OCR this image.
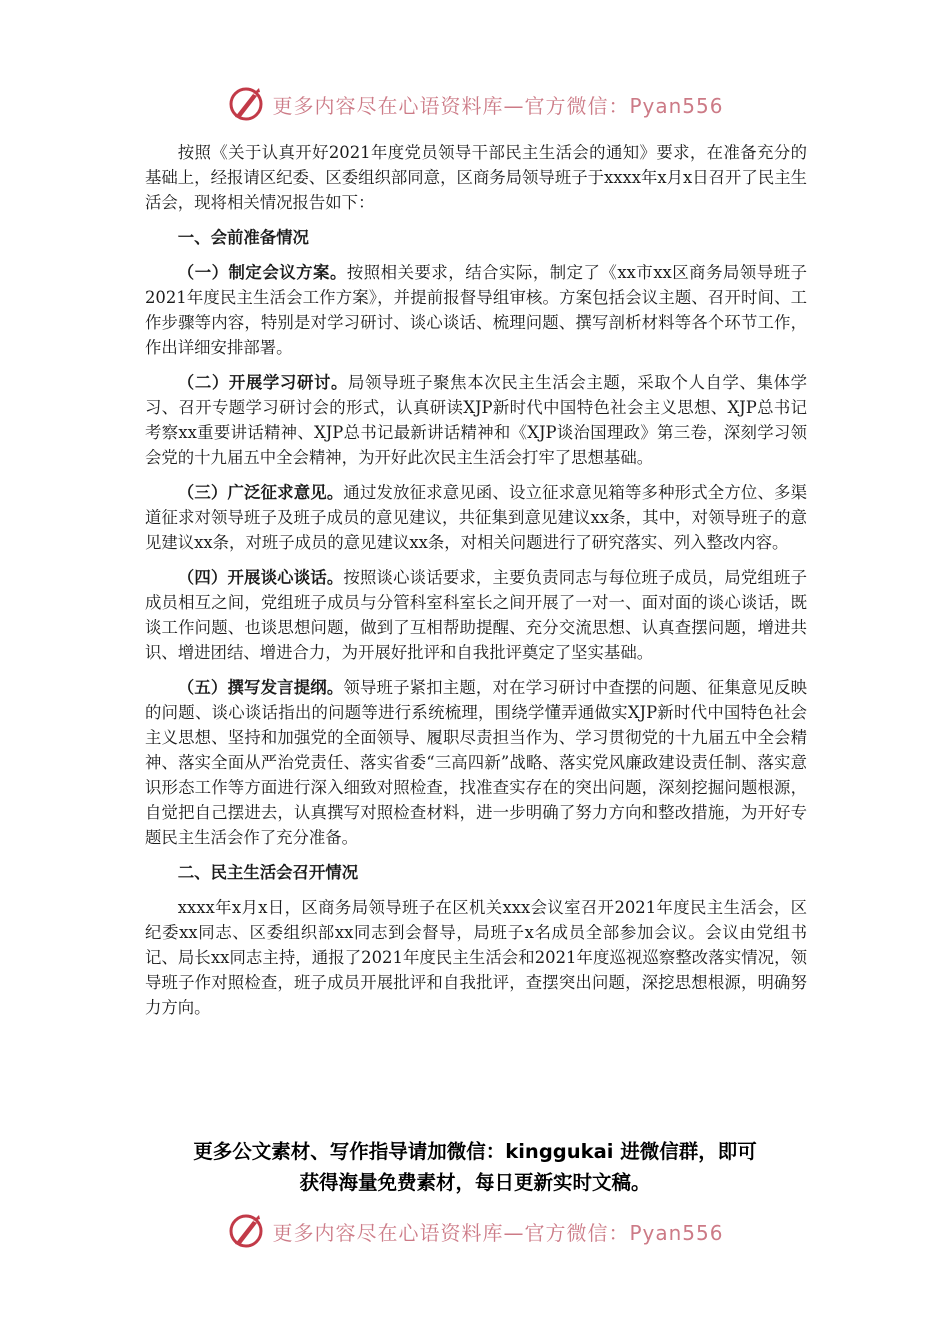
更多内容尽在心语资料库—官方微信：Pyan556

按照《关于认真开好2021年度党员领导干部民主生活会的通知》要求，在准备充分的基础上，经报请区纪委、区委组织部同意，区商务局领导班子于xxxx年x月x日召开了民主生活会，现将相关情况报告如下：

一、会前准备情况

（一）制定会议方案。按照相关要求，结合实际，制定了《xx市xx区商务局领导班子2021年度民主生活会工作方案》，并提前报督导组审核。方案包括会议主题、召开时间、工作步骤等内容，特别是对学习研讨、谈心谈话、梳理问题、撰写剖析材料等各个环节工作，作出详细安排部署。

（二）开展学习研讨。局领导班子聚焦本次民主生活会主题，采取个人自学、集体学习、召开专题学习研讨会的形式，认真研读XJP新时代中国特色社会主义思想、XJP总书记考察xx重要讲话精神、XJP总书记最新讲话精神和《XJP谈治国理政》第三卷，深刻学习领会党的十九届五中全会精神，为开好此次民主生活会打牢了思想基础。

（三）广泛征求意见。通过发放征求意见函、设立征求意见箱等多种形式全方位、多渠道征求对领导班子及班子成员的意见建议，共征集到意见建议xx条，其中，对领导班子的意见建议xx条，对班子成员的意见建议xx条，对相关问题进行了研究落实、列入整改内容。

（四）开展谈心谈话。按照谈心谈话要求，主要负责同志与每位班子成员，局党组班子成员相互之间，党组班子成员与分管科室科室长之间开展了一对一、面对面的谈心谈话，既谈工作问题、也谈思想问题，做到了互相帮助提醒、充分交流思想、认真查摆问题，增进共识、增进团结、增进合力，为开展好批评和自我批评奠定了坚实基础。

（五）撰写发言提纲。领导班子紧扣主题，对在学习研讨中查摆的问题、征集意见反映的问题、谈心谈话指出的问题等进行系统梳理，围绕学懂弄通做实XJP新时代中国特色社会主义思想、坚持和加强党的全面领导、履职尽责担当作为、学习贯彻党的十九届五中全会精神、落实全面从严治党责任、落实省委“三高四新”战略、落实党风廉政建设责任制、落实意识形态工作等方面进行深入细致对照检查，找准查实存在的突出问题，深刻挖掘问题根源，自觉把自己摆进去，认真撰写对照检查材料，进一步明确了努力方向和整改措施，为开好专题民主生活会作了充分准备。

二、民主生活会召开情况

xxxx年x月x日，区商务局领导班子在区机关xxx会议室召开2021年度民主生活会，区纪委xx同志、区委组织部xx同志到会督导，局班子x名成员全部参加会议。会议由党组书记、局长xx同志主持，通报了2021年度民主生活会和2021年度巡视巡察整改落实情况，领导班子作对照检查，班子成员开展批评和自我批评，查摆突出问题，深挖思想根源，明确努力方向。

更多公文素材、写作指导请加微信：kinggukai 进微信群，即可
获得海量免费素材，每日更新实时文稿。
更多内容尽在心语资料库—官方微信：Pyan556
